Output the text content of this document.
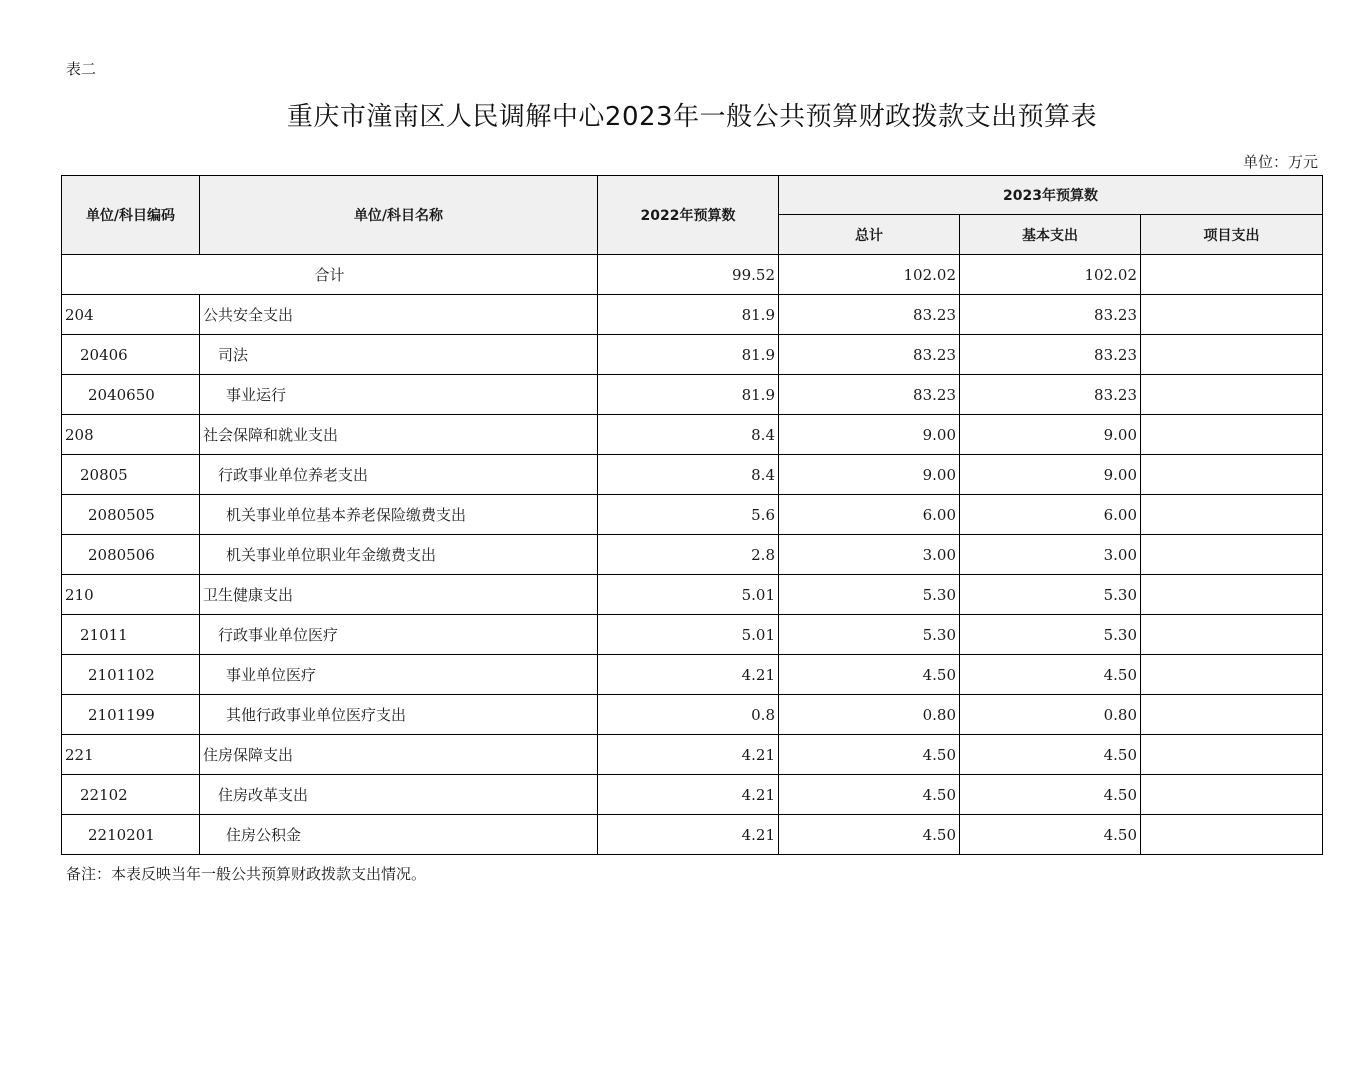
表二
重庆市潼南区人民调解中心2023年一般公共预算财政拨款支出预算表
单位：万元
单位/科目编码	单位/科目名称	2022年预算数	2023年预算数		
			总计	基本支出	项目支出
合计		99.52	102.02	102.02	
204	公共安全支出	81.9	83.23	83.23	
20406	司法	81.9	83.23	83.23	
2040650	事业运行	81.9	83.23	83.23	
208	社会保障和就业支出	8.4	9.00	9.00	
20805	行政事业单位养老支出	8.4	9.00	9.00	
2080505	机关事业单位基本养老保险缴费支出	5.6	6.00	6.00	
2080506	机关事业单位职业年金缴费支出	2.8	3.00	3.00	
210	卫生健康支出	5.01	5.30	5.30	
21011	行政事业单位医疗	5.01	5.30	5.30	
2101102	事业单位医疗	4.21	4.50	4.50	
2101199	其他行政事业单位医疗支出	0.8	0.80	0.80	
221	住房保障支出	4.21	4.50	4.50	
22102	住房改革支出	4.21	4.50	4.50	
2210201	住房公积金	4.21	4.50	4.50	
备注：本表反映当年一般公共预算财政拨款支出情况。
